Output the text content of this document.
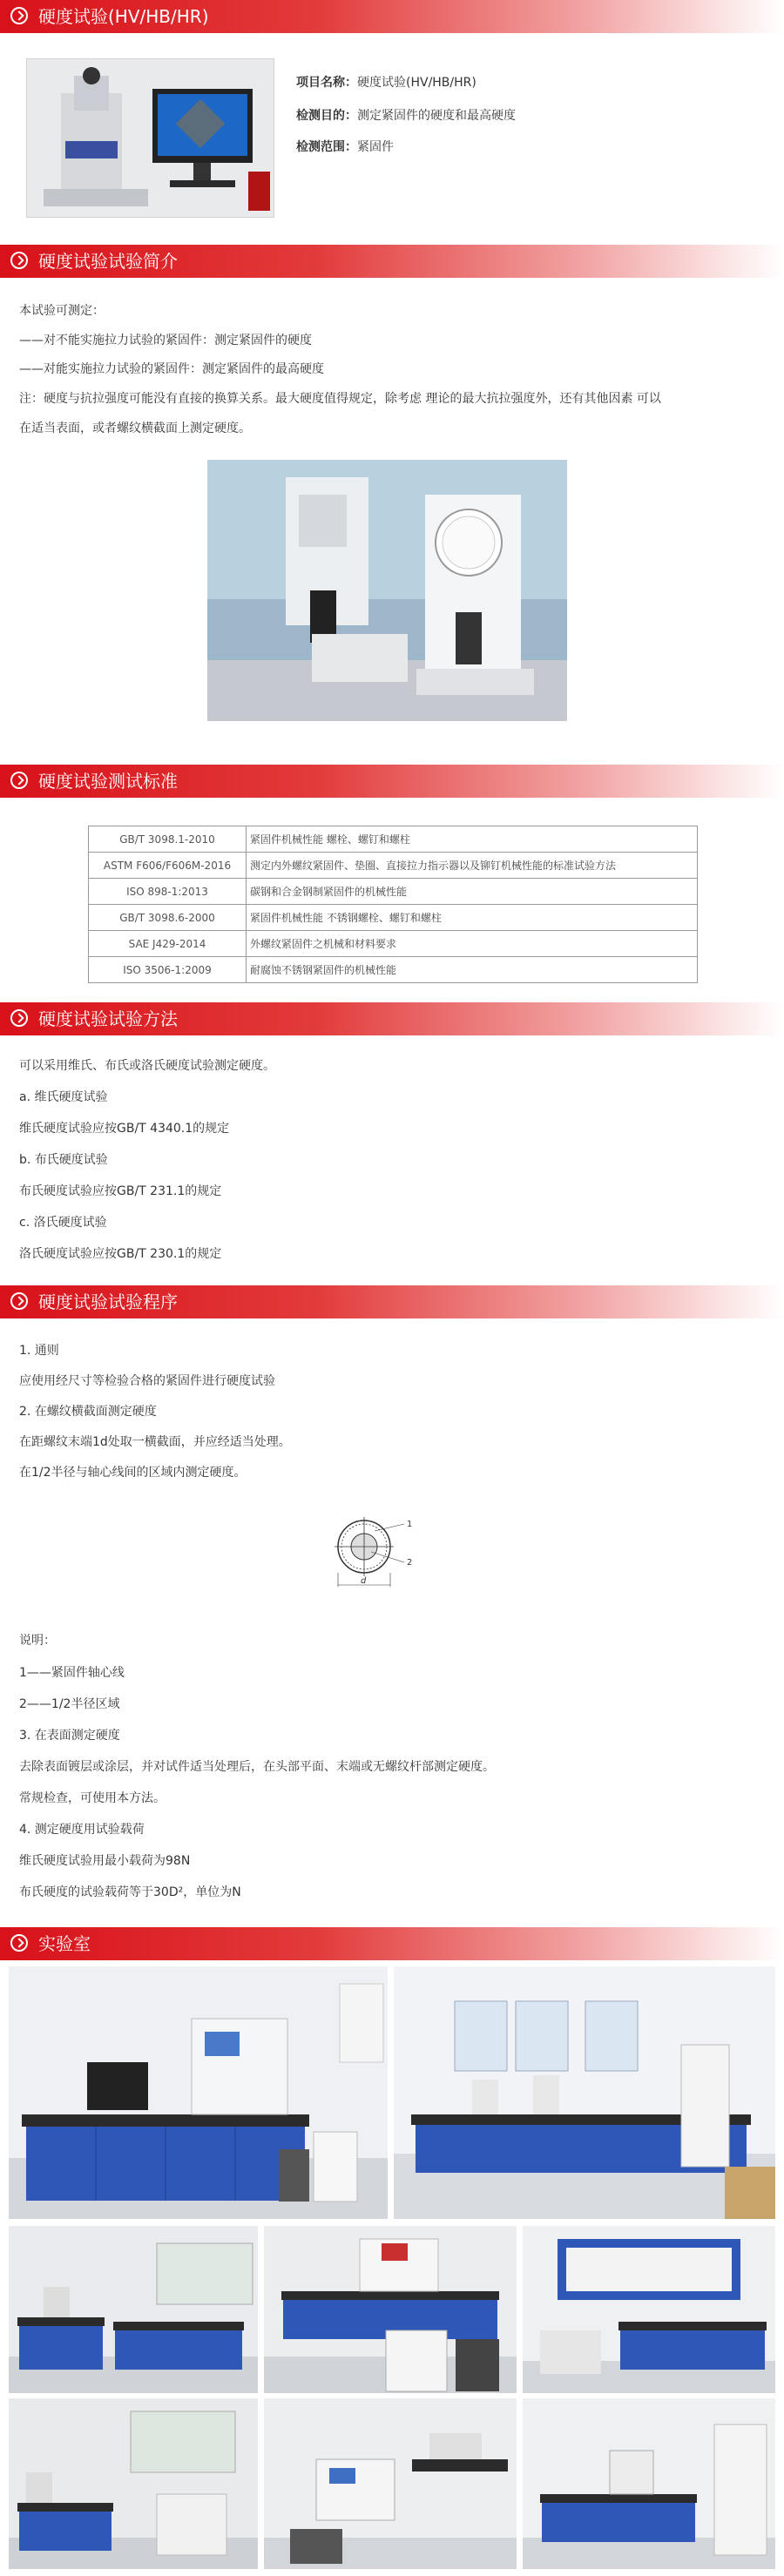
硬度试验(HV/HB/HR)
项目名称：硬度试验(HV/HB/HR)
检测目的：测定紧固件的硬度和最高硬度
检测范围：紧固件
硬度试验试验简介
本试验可测定：
——对不能实施拉力试验的紧固件：测定紧固件的硬度
——对能实施拉力试验的紧固件：测定紧固件的最高硬度
注：硬度与抗拉强度可能没有直接的换算关系。最大硬度值得规定，除考虑 理论的最大抗拉强度外，还有其他因素 可以
在适当表面，或者螺纹横截面上测定硬度。
硬度试验测试标准
GB/T 3098.1-2010	紧固件机械性能 螺栓、螺钉和螺柱
ASTM F606/F606M-2016	测定内外螺纹紧固件、垫圈、直接拉力指示器以及铆钉机械性能的标准试验方法
ISO 898-1:2013	碳钢和合金钢制紧固件的机械性能
GB/T 3098.6-2000	紧固件机械性能 不锈钢螺栓、螺钉和螺柱
SAE J429-2014	外螺纹紧固件之机械和材料要求
ISO 3506-1:2009	耐腐蚀不锈钢紧固件的机械性能
硬度试验试验方法
可以采用维氏、布氏或洛氏硬度试验测定硬度。
a. 维氏硬度试验
维氏硬度试验应按GB/T 4340.1的规定
b. 布氏硬度试验
布氏硬度试验应按GB/T 231.1的规定
c. 洛氏硬度试验
洛氏硬度试验应按GB/T 230.1的规定
硬度试验试验程序
1. 通则
应使用经尺寸等检验合格的紧固件进行硬度试验
2. 在螺纹横截面测定硬度
在距螺纹末端1d处取一横截面，并应经适当处理。
在1/2半径与轴心线间的区域内测定硬度。
1
2
d
说明：
1——紧固件轴心线
2——1/2半径区域
3. 在表面测定硬度
去除表面镀层或涂层，并对试件适当处理后，在头部平面、末端或无螺纹杆部测定硬度。
常规检查，可使用本方法。
4. 测定硬度用试验载荷
维氏硬度试验用最小载荷为98N
布氏硬度的试验载荷等于30D²，单位为N
实验室
